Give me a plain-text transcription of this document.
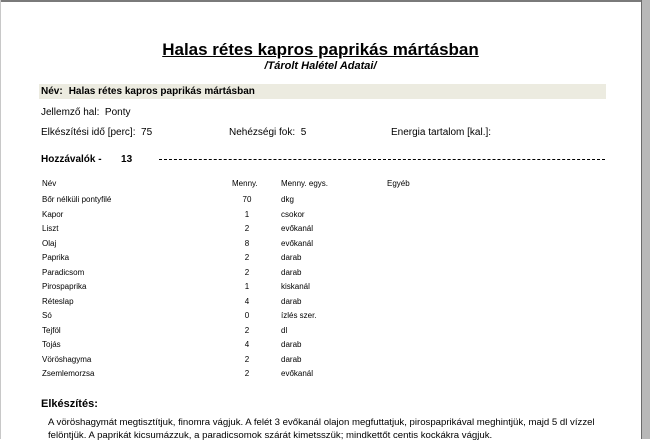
Halas rétes kapros paprikás mártásban
/Tárolt Halétel Adatai/
Név: Halas rétes kapros paprikás mártásban
Jellemző hal: Ponty
Elkészítési idő [perc]: 75	Nehézségi fok: 5	Energia tartalom [kal.]:
Hozzávalók - 13
Név	Menny.	Menny. egys.	Egyéb
Bőr nélküli pontyfilé	70	dkg
Kapor	1	csokor
Liszt	2	evőkanál
Olaj	8	evőkanál
Paprika	2	darab
Paradicsom	2	darab
Pirospaprika	1	kiskanál
Réteslap	4	darab
Só	0	ízlés szer.
Tejföl	2	dl
Tojás	4	darab
Vöröshagyma	2	darab
Zsemlemorzsa	2	evőkanál
Elkészítés:
A vöröshagymát megtisztítjuk, finomra vágjuk. A felét 3 evőkanál olajon megfuttatjuk, pirospaprikával meghintjük, majd 5 dl vízzel felöntjük. A paprikát kicsumázzuk, a paradicsomok szárát kimetsszük; mindkettőt centis kockákra vágjuk.
